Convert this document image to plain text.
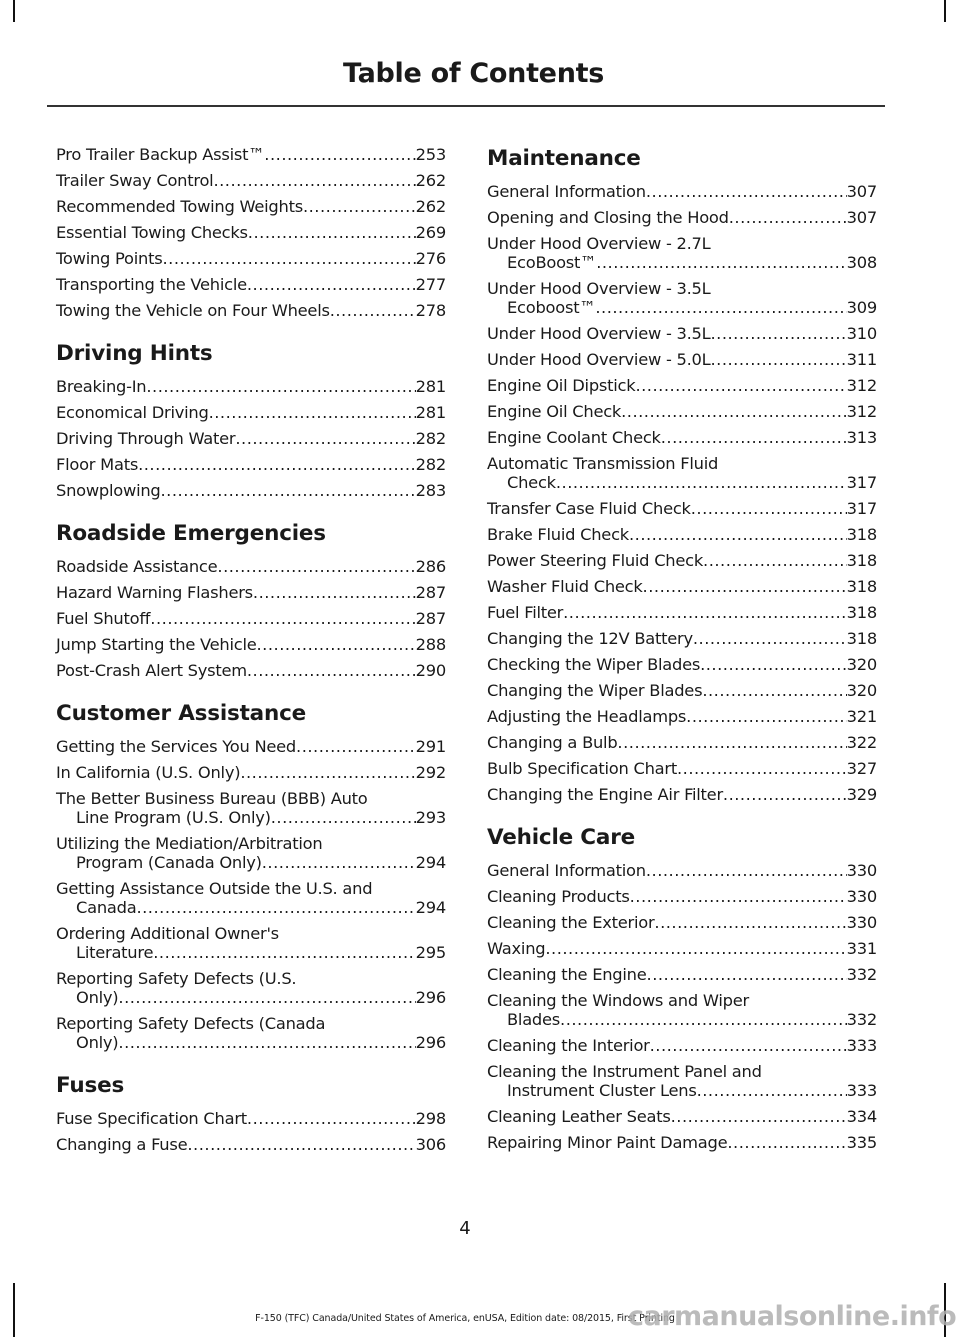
Table of Contents
Pro Trailer Backup Assist™ .....	253
Trailer Sway Control .....	262
Recommended Towing Weights .....	262
Essential Towing Checks .....	269
Towing Points .....	276
Transporting the Vehicle .....	277
Towing the Vehicle on Four Wheels .....	278
Driving Hints
Breaking-In .....	281
Economical Driving .....	281
Driving Through Water .....	282
Floor Mats .....	282
Snowplowing .....	283
Roadside Emergencies
Roadside Assistance .....	286
Hazard Warning Flashers .....	287
Fuel Shutoff .....	287
Jump Starting the Vehicle .....	288
Post-Crash Alert System .....	290
Customer Assistance
Getting the Services You Need .....	291
In California (U.S. Only) .....	292
The Better Business Bureau (BBB) Auto
Line Program (U.S. Only) .....	293
Utilizing the Mediation/Arbitration
Program (Canada Only) .....	294
Getting Assistance Outside the U.S. and
Canada .....	294
Ordering Additional Owner's
Literature .....	295
Reporting Safety Defects (U.S.
Only) .....	296
Reporting Safety Defects (Canada
Only) .....	296
Fuses
Fuse Specification Chart .....	298
Changing a Fuse .....	306
Maintenance
General Information .....	307
Opening and Closing the Hood .....	307
Under Hood Overview - 2.7L
EcoBoost™ .....	308
Under Hood Overview - 3.5L
Ecoboost™ .....	309
Under Hood Overview - 3.5L .....	310
Under Hood Overview - 5.0L .....	311
Engine Oil Dipstick .....	312
Engine Oil Check .....	312
Engine Coolant Check .....	313
Automatic Transmission Fluid
Check .....	317
Transfer Case Fluid Check .....	317
Brake Fluid Check .....	318
Power Steering Fluid Check .....	318
Washer Fluid Check .....	318
Fuel Filter .....	318
Changing the 12V Battery .....	318
Checking the Wiper Blades .....	320
Changing the Wiper Blades .....	320
Adjusting the Headlamps .....	321
Changing a Bulb .....	322
Bulb Specification Chart .....	327
Changing the Engine Air Filter .....	329
Vehicle Care
General Information .....	330
Cleaning Products .....	330
Cleaning the Exterior .....	330
Waxing .....	331
Cleaning the Engine .....	332
Cleaning the Windows and Wiper
Blades .....	332
Cleaning the Interior .....	333
Cleaning the Instrument Panel and
Instrument Cluster Lens .....	333
Cleaning Leather Seats .....	334
Repairing Minor Paint Damage .....	335
4
F-150 (TFC) Canada/United States of America, enUSA, Edition date: 08/2015, First Printing
carmanualsonline.info
